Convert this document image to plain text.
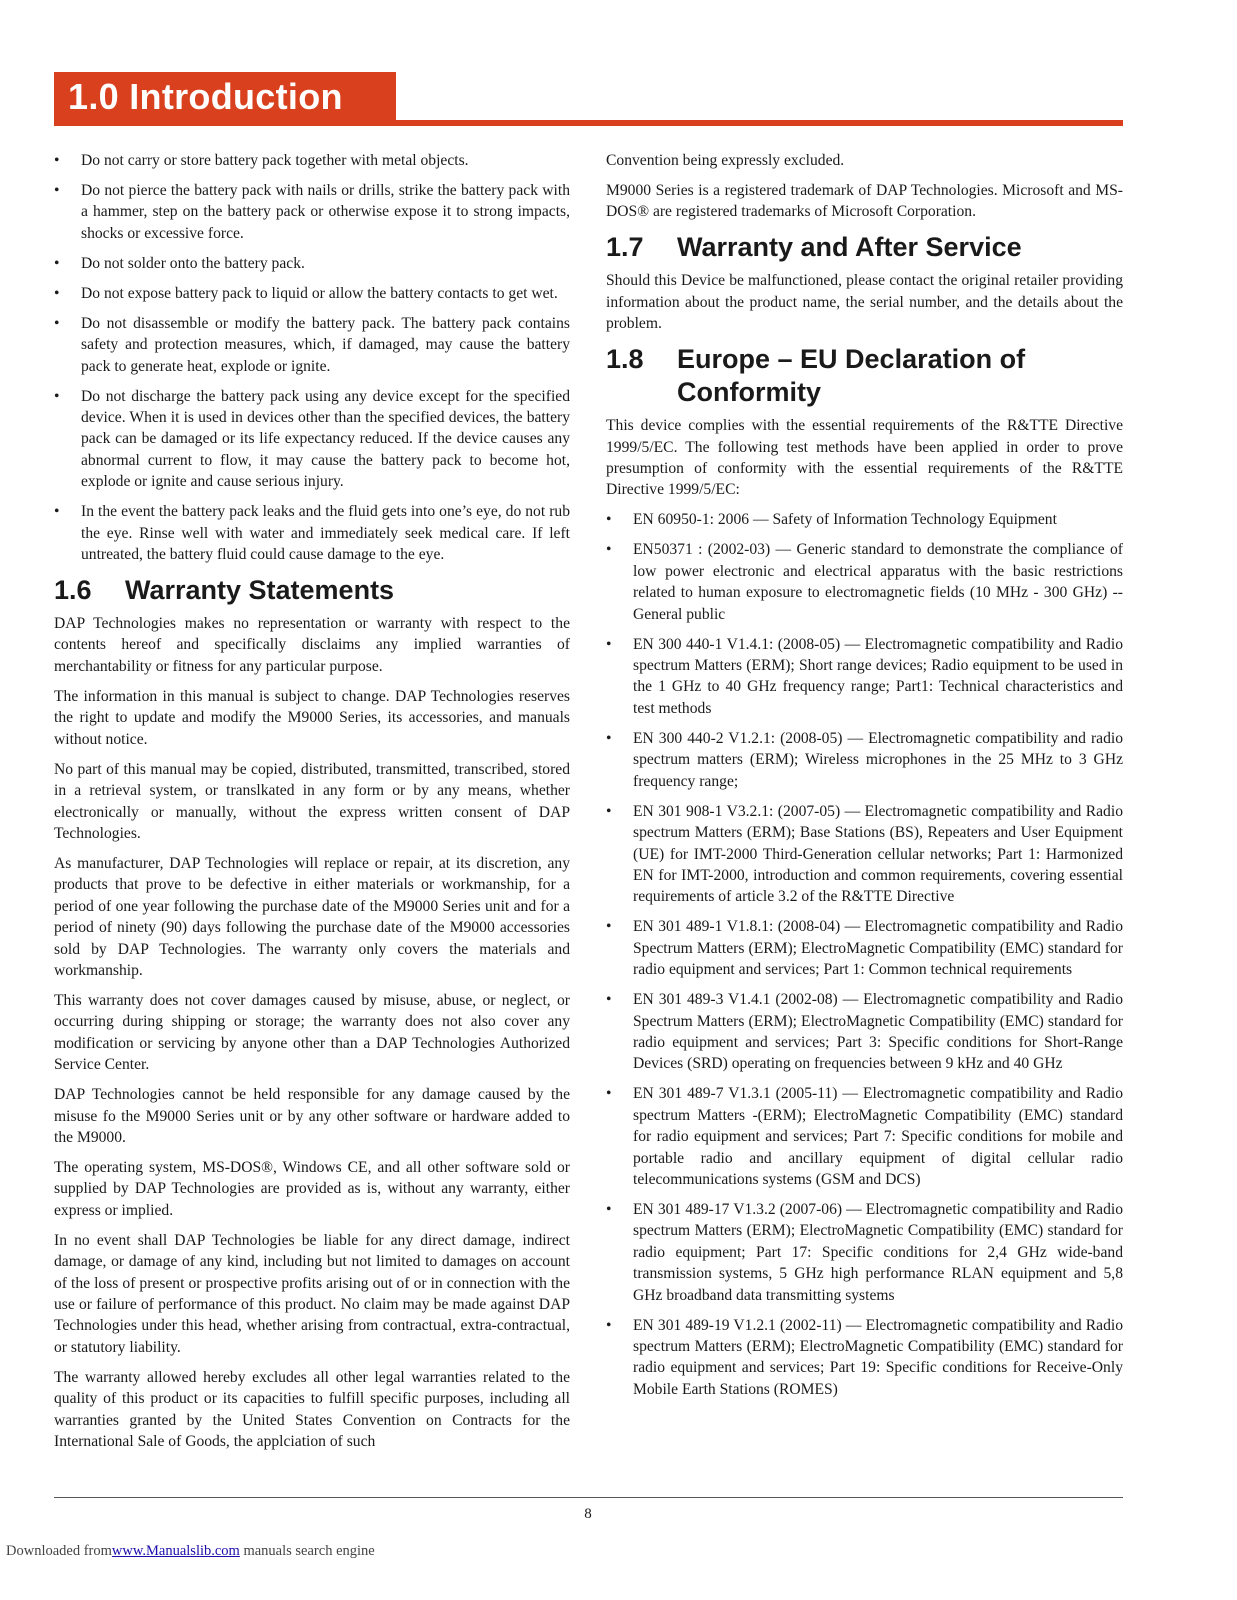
1.0 Introduction
• Do not carry or store battery pack together with metal objects.
• Do not pierce the battery pack with nails or drills, strike the battery pack with a hammer, step on the battery pack or otherwise expose it to strong impacts, shocks or excessive force.
• Do not solder onto the battery pack.
• Do not expose battery pack to liquid or allow the battery contacts to get wet.
• Do not disassemble or modify the battery pack. The battery pack contains safety and protection measures, which, if damaged, may cause the battery pack to generate heat, explode or ignite.
• Do not discharge the battery pack using any device except for the specified device. When it is used in devices other than the specified devices, the battery pack can be damaged or its life expectancy reduced. If the device causes any abnormal current to flow, it may cause the battery pack to become hot, explode or ignite and cause serious injury.
• In the event the battery pack leaks and the fluid gets into one’s eye, do not rub the eye. Rinse well with water and immediately seek medical care. If left untreated, the battery fluid could cause damage to the eye.
1.6	Warranty Statements

DAP Technologies makes no representation or warranty with respect to the contents hereof and specifically disclaims any implied warranties of merchantability or fitness for any particular purpose.

The information in this manual is subject to change. DAP Technologies reserves the right to update and modify the M9000 Series, its accessories, and manuals without notice.

No part of this manual may be copied, distributed, transmitted, transcribed, stored in a retrieval system, or translkated in any form or by any means, whether electronically or manually, without the express written consent of DAP Technologies.

As manufacturer, DAP Technologies will replace or repair, at its discretion, any products that prove to be defective in either materials or workmanship, for a period of one year following the purchase date of the M9000 Series unit and for a period of ninety (90) days following the purchase date of the M9000 accessories sold by DAP Technologies. The warranty only covers the materials and workmanship.

This warranty does not cover damages caused by misuse, abuse, or neglect, or occurring during shipping or storage; the warranty does not also cover any modification or servicing by anyone other than a DAP Technologies Authorized Service Center.

DAP Technologies cannot be held responsible for any damage caused by the misuse fo the M9000 Series unit or by any other software or hardware added to the M9000.

The operating system, MS-DOS®, Windows CE, and all other software sold or supplied by DAP Technologies are provided as is, without any warranty, either express or implied.

In no event shall DAP Technologies be liable for any direct damage, indirect damage, or damage of any kind, including but not limited to damages on account of the loss of present or prospective profits arising out of or in connection with the use or failure of performance of this product. No claim may be made against DAP Technologies under this head, whether arising from contractual, extra-contractual, or statutory liability.

The warranty allowed hereby excludes all other legal warranties related to the quality of this product or its capacities to fulfill specific purposes, including all warranties granted by the United States Convention on Contracts for the International Sale of Goods, the applciation of such

Convention being expressly excluded.

M9000 Series is a registered trademark of DAP Technologies. Microsoft and MS-DOS® are registered trademarks of Microsoft Corporation.

1.7	Warranty and After Service

Should this Device be malfunctioned, please contact the original retailer providing information about the product name, the serial number, and the details about the problem.

1.8	Europe – EU Declaration of Conformity

This device complies with the essential requirements of the R&TTE Directive 1999/5/EC. The following test methods have been applied in order to prove presumption of conformity with the essential requirements of the R&TTE Directive 1999/5/EC:

• EN 60950-1: 2006 — Safety of Information Technology Equipment
• EN50371 : (2002-03) — Generic standard to demonstrate the compliance of low power electronic and electrical apparatus with the basic restrictions related to human exposure to electromagnetic fields (10 MHz - 300 GHz) -- General public
• EN 300 440-1 V1.4.1: (2008-05) — Electromagnetic compatibility and Radio spectrum Matters (ERM); Short range devices; Radio equipment to be used in the 1 GHz to 40 GHz frequency range; Part1: Technical characteristics and test methods
• EN 300 440-2 V1.2.1: (2008-05) — Electromagnetic compatibility and radio spectrum matters (ERM); Wireless microphones in the 25 MHz to 3 GHz frequency range;
• EN 301 908-1 V3.2.1: (2007-05) — Electromagnetic compatibility and Radio spectrum Matters (ERM); Base Stations (BS), Repeaters and User Equipment (UE) for IMT-2000 Third-Generation cellular networks; Part 1: Harmonized EN for IMT-2000, introduction and common requirements, covering essential requirements of article 3.2 of the R&TTE Directive
• EN 301 489-1 V1.8.1: (2008-04) — Electromagnetic compatibility and Radio Spectrum Matters (ERM); ElectroMagnetic Compatibility (EMC) standard for radio equipment and services; Part 1: Common technical requirements
• EN 301 489-3 V1.4.1 (2002-08) — Electromagnetic compatibility and Radio Spectrum Matters (ERM); ElectroMagnetic Compatibility (EMC) standard for radio equipment and services; Part 3: Specific conditions for Short-Range Devices (SRD) operating on frequencies between 9 kHz and 40 GHz
• EN 301 489-7 V1.3.1 (2005-11) — Electromagnetic compatibility and Radio spectrum Matters -(ERM); ElectroMagnetic Compatibility (EMC) standard for radio equipment and services; Part 7: Specific conditions for mobile and portable radio and ancillary equipment of digital cellular radio telecommunications systems (GSM and DCS)
• EN 301 489-17 V1.3.2 (2007-06) — Electromagnetic compatibility and Radio spectrum Matters (ERM); ElectroMagnetic Compatibility (EMC) standard for radio equipment; Part 17: Specific conditions for 2,4 GHz wide-band transmission systems, 5 GHz high performance RLAN equipment and 5,8 GHz broadband data transmitting systems
• EN 301 489-19 V1.2.1 (2002-11) — Electromagnetic compatibility and Radio spectrum Matters (ERM); ElectroMagnetic Compatibility (EMC) standard for radio equipment and services; Part 19: Specific conditions for Receive-Only Mobile Earth Stations (ROMES)
8
Downloaded fromwww.Manualslib.com manuals search engine
